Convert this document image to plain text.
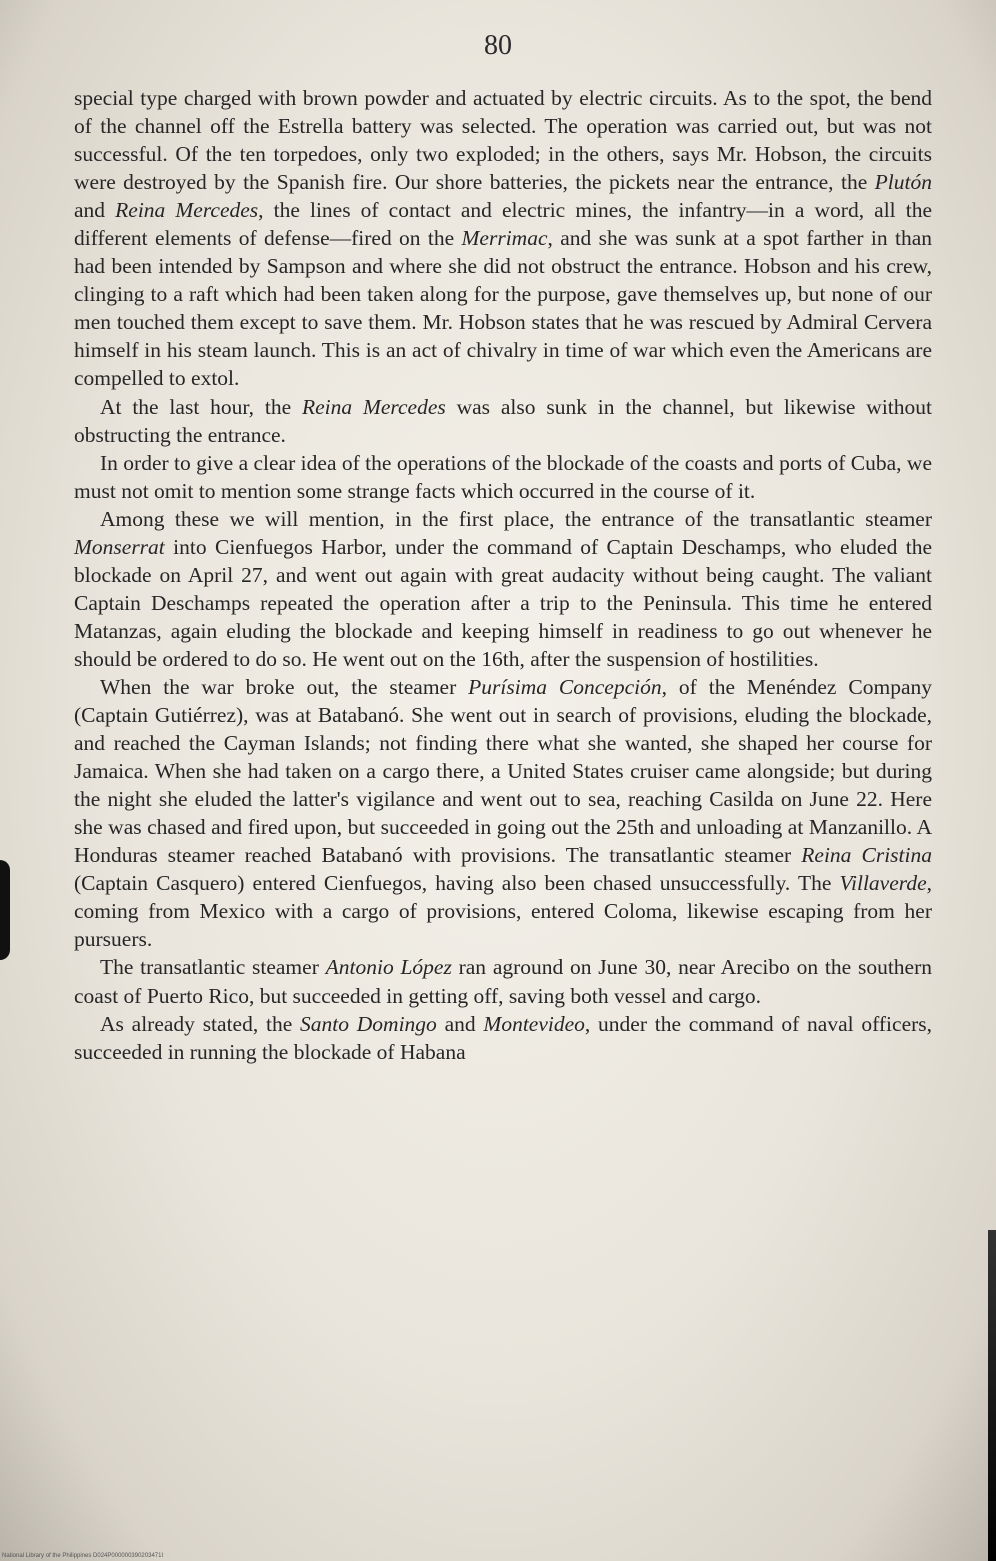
80

special type charged with brown powder and actuated by electric circuits. As to the spot, the bend of the channel off the Estrella battery was selected. The operation was carried out, but was not successful. Of the ten torpedoes, only two exploded; in the others, says Mr. Hobson, the circuits were destroyed by the Spanish fire. Our shore batteries, the pickets near the entrance, the Plutón and Reina Mercedes, the lines of contact and electric mines, the infantry—in a word, all the different elements of defense—fired on the Merrimac, and she was sunk at a spot farther in than had been intended by Sampson and where she did not obstruct the entrance. Hobson and his crew, clinging to a raft which had been taken along for the purpose, gave themselves up, but none of our men touched them except to save them. Mr. Hobson states that he was rescued by Admiral Cervera himself in his steam launch. This is an act of chivalry in time of war which even the Americans are compelled to extol.

At the last hour, the Reina Mercedes was also sunk in the channel, but likewise without obstructing the entrance.

In order to give a clear idea of the operations of the blockade of the coasts and ports of Cuba, we must not omit to mention some strange facts which occurred in the course of it.

Among these we will mention, in the first place, the entrance of the transatlantic steamer Monserrat into Cienfuegos Harbor, under the command of Captain Deschamps, who eluded the blockade on April 27, and went out again with great audacity without being caught. The valiant Captain Deschamps repeated the operation after a trip to the Peninsula. This time he entered Matanzas, again eluding the blockade and keeping himself in readiness to go out whenever he should be ordered to do so. He went out on the 16th, after the suspension of hostilities.

When the war broke out, the steamer Purísima Concepción, of the Menéndez Company (Captain Gutiérrez), was at Batabanó. She went out in search of provisions, eluding the blockade, and reached the Cayman Islands; not finding there what she wanted, she shaped her course for Jamaica. When she had taken on a cargo there, a United States cruiser came alongside; but during the night she eluded the latter's vigilance and went out to sea, reaching Casilda on June 22. Here she was chased and fired upon, but succeeded in going out the 25th and unloading at Manzanillo. A Honduras steamer reached Batabanó with provisions. The transatlantic steamer Reina Cristina (Captain Casquero) entered Cienfuegos, having also been chased unsuccessfully. The Villaverde, coming from Mexico with a cargo of provisions, entered Coloma, likewise escaping from her pursuers.

The transatlantic steamer Antonio López ran aground on June 30, near Arecibo on the southern coast of Puerto Rico, but succeeded in getting off, saving both vessel and cargo.

As already stated, the Santo Domingo and Montevideo, under the command of naval officers, succeeded in running the blockade of Habana

National Library of the Philippines D024P000000390203471I
